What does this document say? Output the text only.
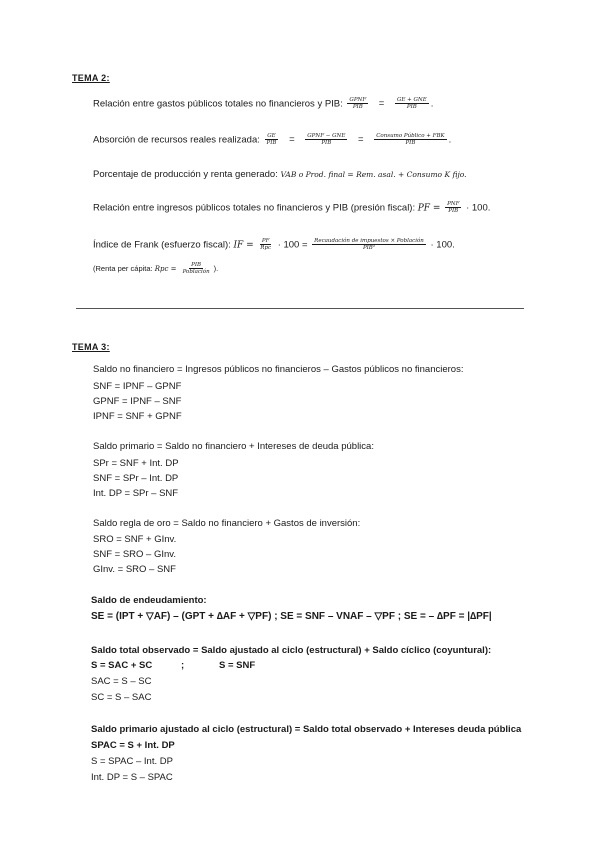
TEMA 2:
Relación entre gastos públicos totales no financieros y PIB: $\frac{\text{GPNF}}{\text{PIB}} = \frac{\text{GE + GNE}}{\text{PIB}}$ .
Absorción de recursos reales realizada: $\frac{GE}{\text{PIB}} = \frac{\text{GPNF − GNE}}{\text{PIB}} = \frac{\text{Consumo Público + FBK}}{\text{PIB}}$ .
Porcentaje de producción y renta generado: VAB o Prod. final = Rem. asal. + Consumo K fijo.
Relación entre ingresos públicos totales no financieros y PIB (presión fiscal): PF = $\frac{\text{PNF}}{\text{PIB}} \cdot 100$.
Índice de Frank (esfuerzo fiscal): IF = $\frac{PF}{\text{Rpc}} \cdot 100 = \frac{\text{Recaudación de impuestos × Población}}{\text{PIB²}} \cdot 100$.
(Renta per cápita: Rpc = $\frac{\text{PIB}}{\text{Población}}$ ).
TEMA 3:
Saldo no financiero = Ingresos públicos no financieros – Gastos públicos no financieros:
SNF = IPNF – GPNF
GPNF = IPNF – SNF
IPNF = SNF + GPNF
Saldo primario = Saldo no financiero + Intereses de deuda pública:
SPr = SNF + Int. DP
SNF = SPr – Int. DP
Int. DP = SPr – SNF
Saldo regla de oro = Saldo no financiero + Gastos de inversión:
SRO = SNF + GInv.
SNF = SRO – GInv.
GInv. = SRO – SNF
Saldo de endeudamiento:
SE = (IPT + ▽AF) – (GPT + ∆AF + ▽PF) ; SE = SNF – VNAF – ▽PF ; SE = – ∆PF = |∆PF|
Saldo total observado = Saldo ajustado al ciclo (estructural) + Saldo cíclico (coyuntural):
S = SAC + SC	;	S = SNF
SAC = S – SC
SC = S – SAC
Saldo primario ajustado al ciclo (estructural) = Saldo total observado + Intereses deuda pública
SPAC = S + Int. DP
S = SPAC – Int. DP
Int. DP = S – SPAC
